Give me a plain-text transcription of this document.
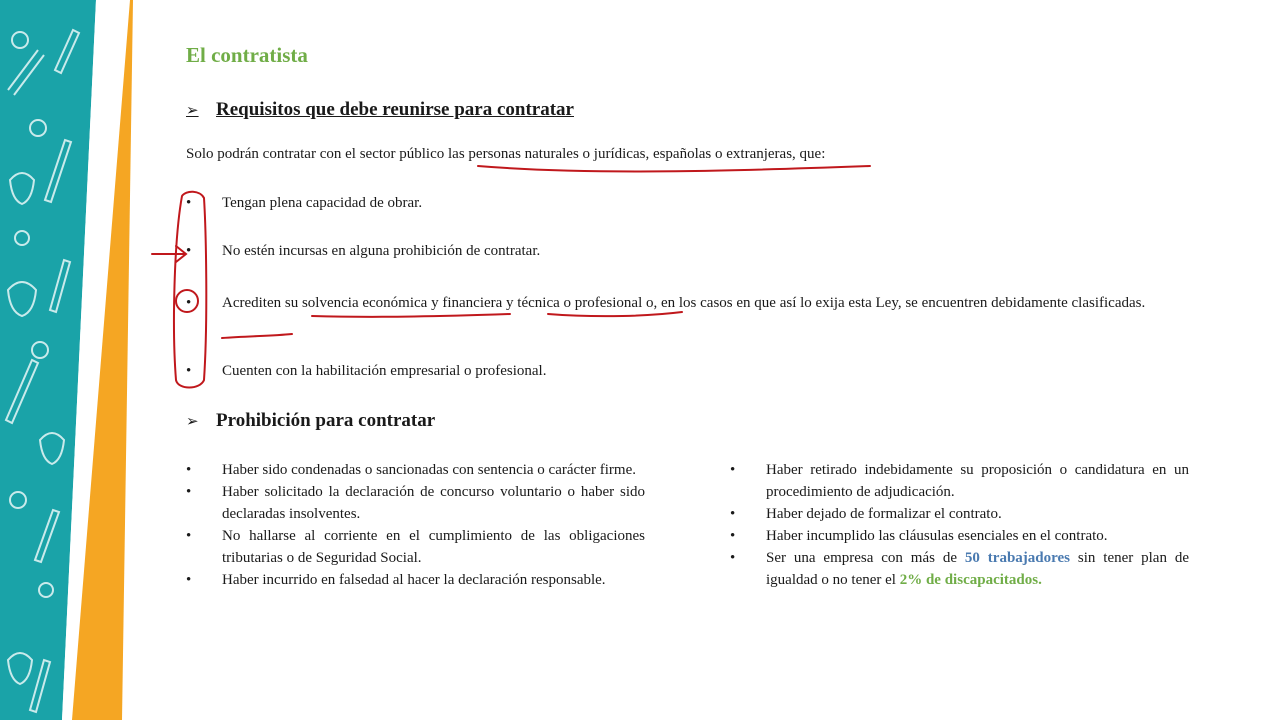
El contratista
➢ Requisitos que debe reunirse para contratar
Solo podrán contratar con el sector público las personas naturales o jurídicas, españolas o extranjeras, que:
•	Tengan plena capacidad de obrar.
•	No estén incursas en alguna prohibición de contratar.
•	Acrediten su solvencia económica y financiera y técnica o profesional o, en los casos en que así lo exija esta Ley, se encuentren debidamente clasificadas.
•	Cuenten con la habilitación empresarial o profesional.
➢ Prohibición para contratar
•	Haber sido condenadas o sancionadas con sentencia o carácter firme.
•	Haber solicitado la declaración de concurso voluntario o haber sido declaradas insolventes.
•	No hallarse al corriente en el cumplimiento de las obligaciones tributarias o de Seguridad Social.
•	Haber incurrido en falsedad al hacer la declaración responsable.
•	Haber retirado indebidamente su proposición o candidatura en un procedimiento de adjudicación.
•	Haber dejado de formalizar el contrato.
•	Haber incumplido las cláusulas esenciales en el contrato.
•	Ser una empresa con más de 50 trabajadores sin tener plan de igualdad o no tener el 2% de discapacitados.
